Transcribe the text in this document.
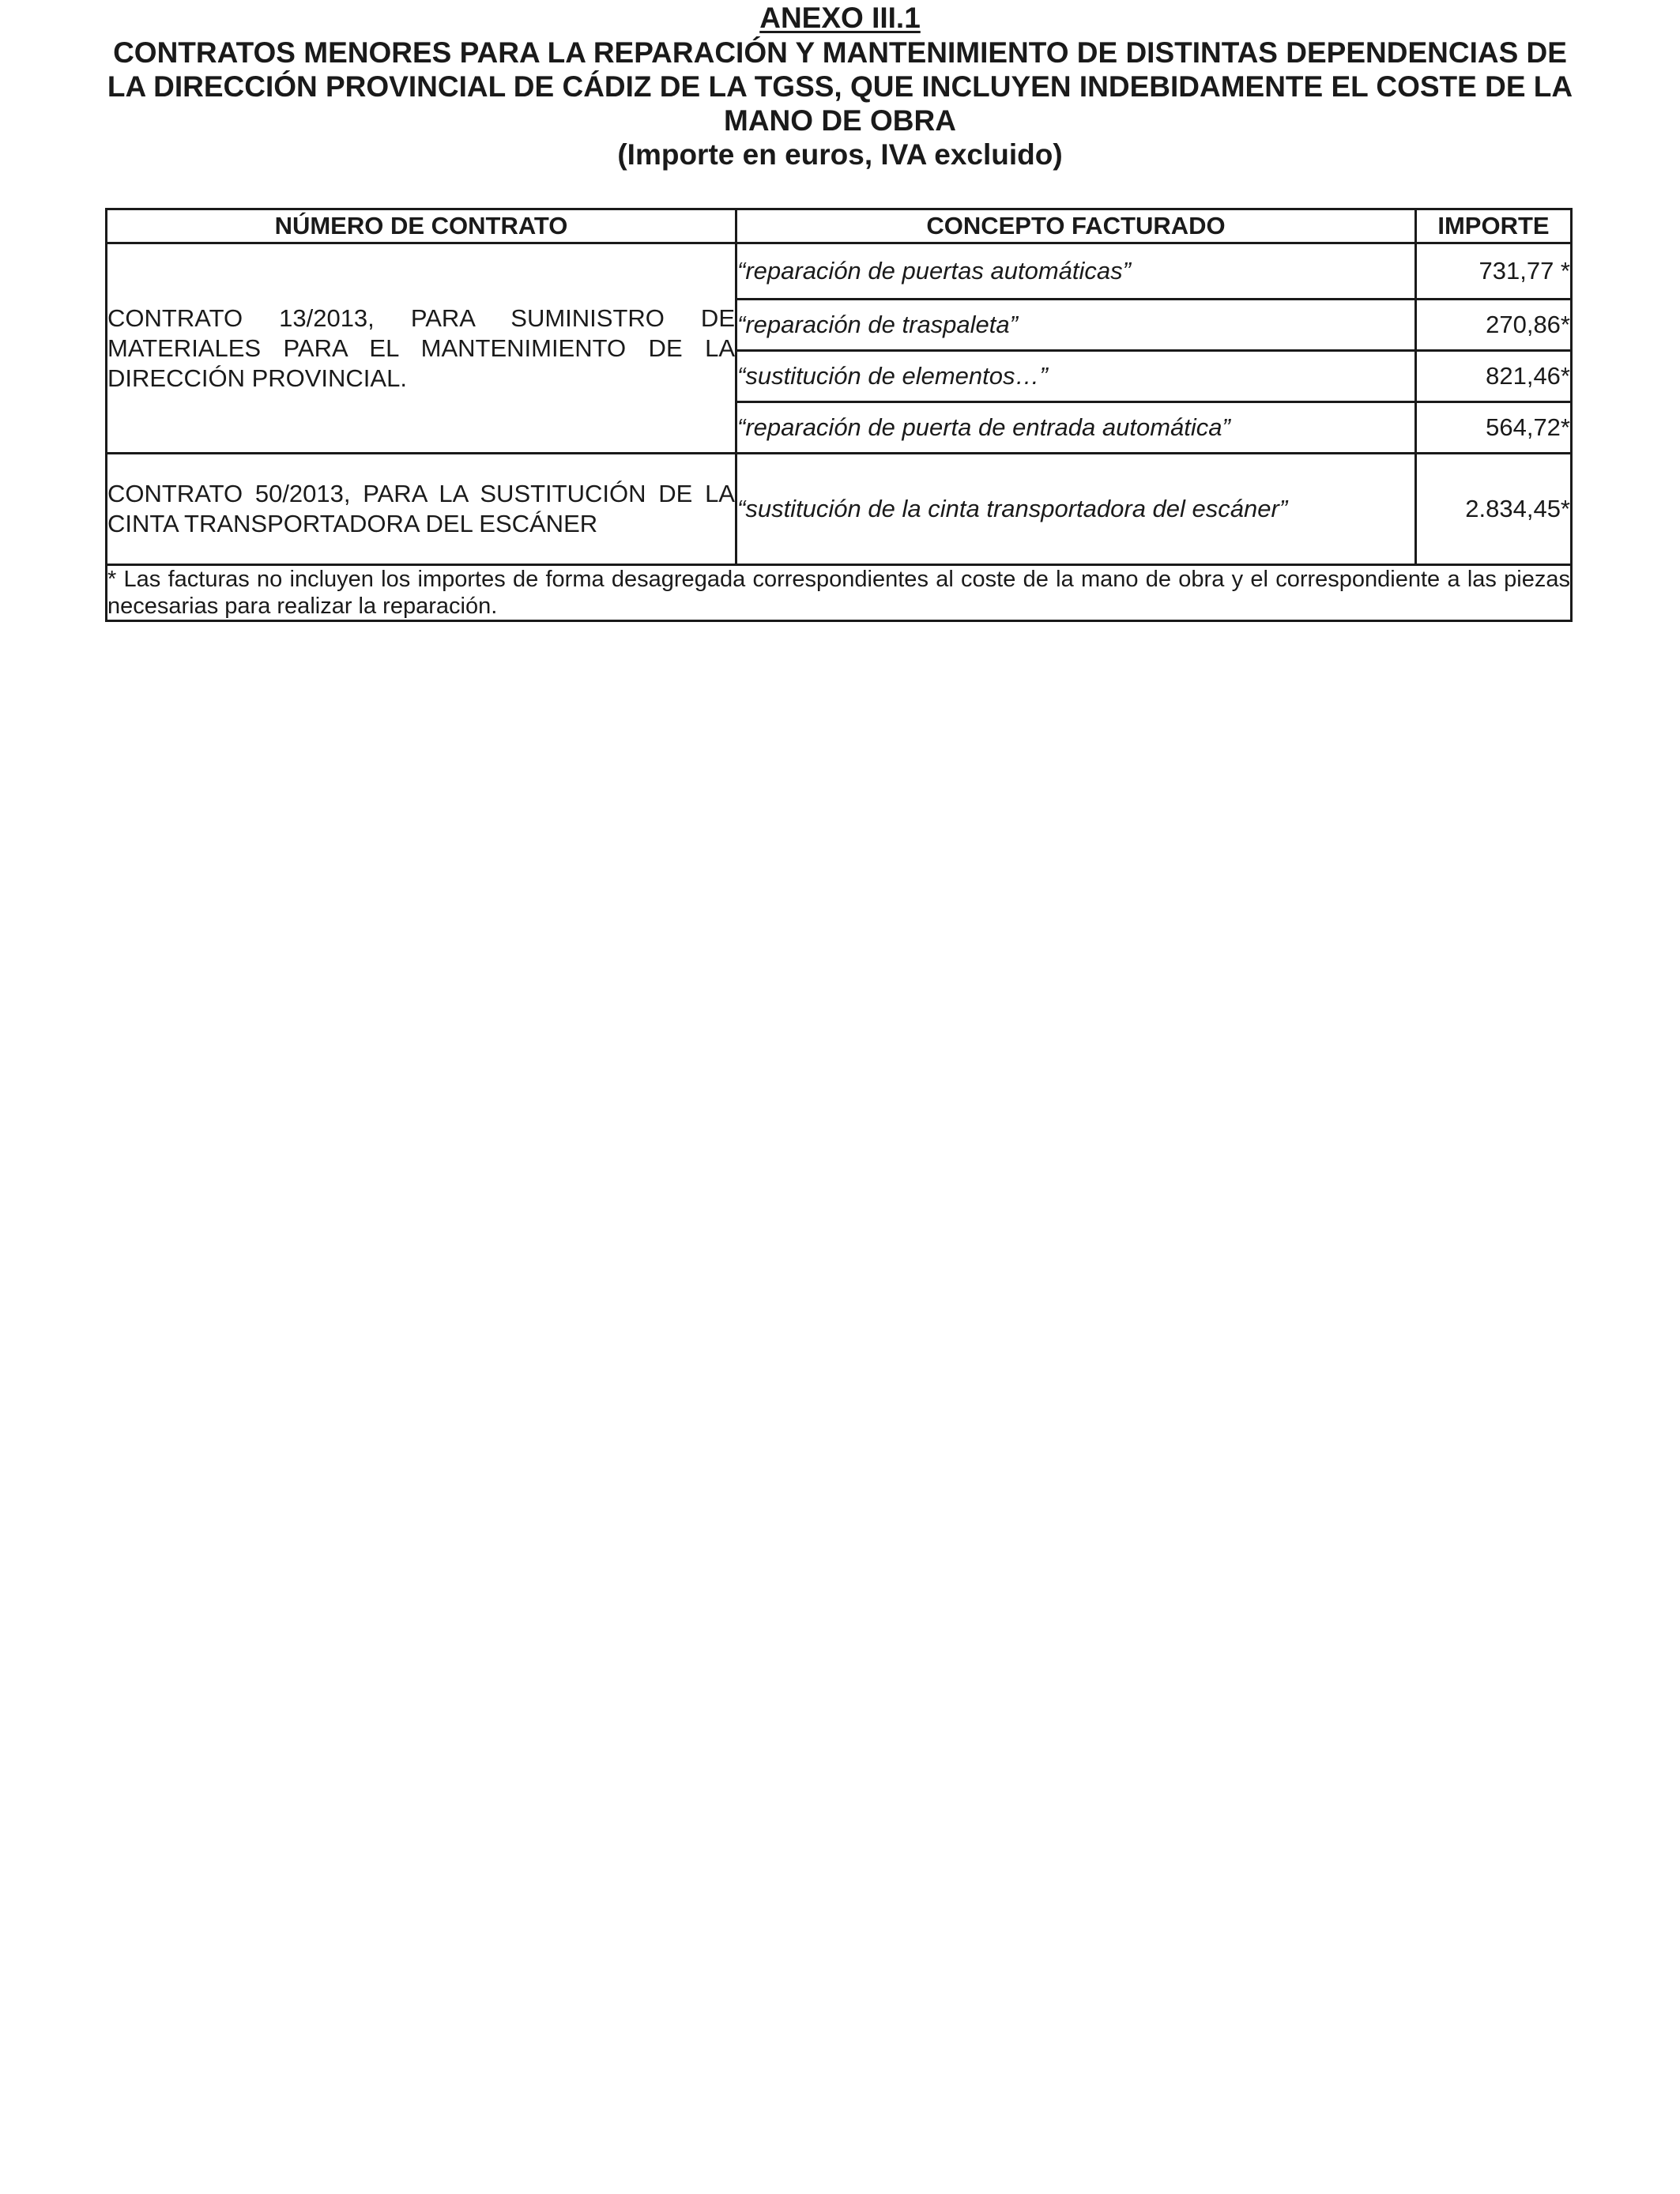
ANEXO III.1
CONTRATOS MENORES PARA LA REPARACIÓN Y MANTENIMIENTO DE DISTINTAS DEPENDENCIAS DE
LA DIRECCIÓN PROVINCIAL DE CÁDIZ DE LA TGSS, QUE INCLUYEN INDEBIDAMENTE EL COSTE DE LA
MANO DE OBRA
(Importe en euros, IVA excluido)
NÚMERO DE CONTRATO	CONCEPTO FACTURADO	IMPORTE
CONTRATO 13/2013, PARA SUMINISTRO DE MATERIALES PARA EL MANTENIMIENTO DE LA DIRECCIÓN PROVINCIAL.	“reparación de puertas automáticas”	731,77 *
	“reparación de traspaleta”	270,86*
	“sustitución de elementos…”	821,46*
	“reparación de puerta de entrada automática”	564,72*
CONTRATO 50/2013, PARA LA SUSTITUCIÓN DE LA CINTA TRANSPORTADORA DEL ESCÁNER	“sustitución de la cinta transportadora del escáner”	2.834,45*
* Las facturas no incluyen los importes de forma desagregada correspondientes al coste de la mano de obra y el correspondiente a las piezas necesarias para realizar la reparación.		
